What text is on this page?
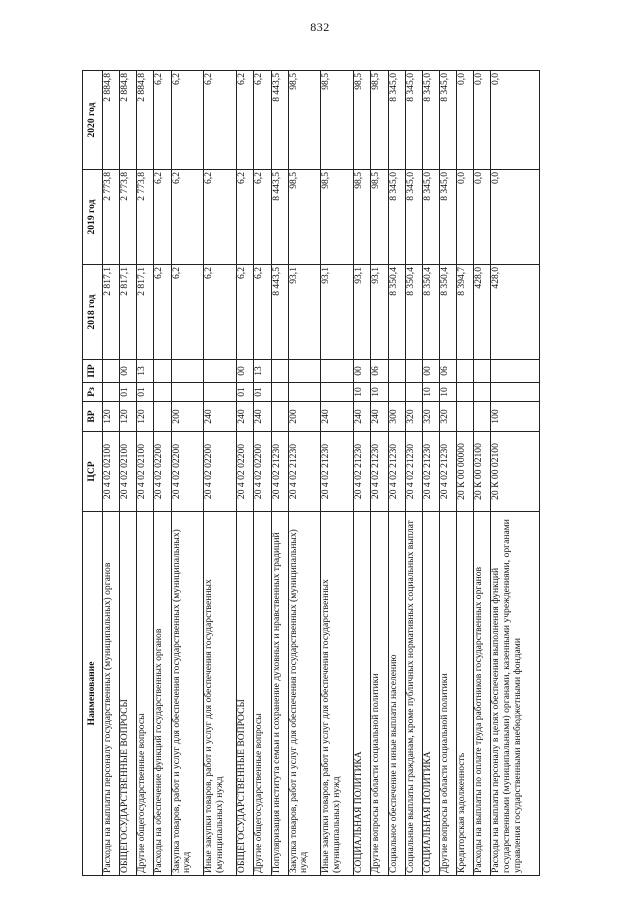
832
Наименование	ЦСР	ВР	Рз	ПР	2018 год	2019 год	2020 год
Расходы на выплаты персоналу государственных (муниципальных) органов	20 4 02 02100	120			2 817,1	2 773,8	2 884,8
ОБЩЕГОСУДАРСТВЕННЫЕ ВОПРОСЫ	20 4 02 02100	120	01	00	2 817,1	2 773,8	2 884,8
Другие общегосударственные вопросы	20 4 02 02100	120	01	13	2 817,1	2 773,8	2 884,8
Расходы на обеспечение функций государственных органов	20 4 02 02200				6,2	6,2	6,2
Закупка товаров, работ и услуг для обеспечения государственных (муниципальных) нужд	20 4 02 02200	200			6,2	6,2	6,2
Иные закупки товаров, работ и услуг для обеспечения государственных (муниципальных) нужд	20 4 02 02200	240			6,2	6,2	6,2
ОБЩЕГОСУДАРСТВЕННЫЕ ВОПРОСЫ	20 4 02 02200	240	01	00	6,2	6,2	6,2
Другие общегосударственные вопросы	20 4 02 02200	240	01	13	6,2	6,2	6,2
Популяризация института семьи и сохранение духовных и нравственных традиций	20 4 02 21230				8 443,5	8 443,5	8 443,5
Закупка товаров, работ и услуг для обеспечения государственных (муниципальных) нужд	20 4 02 21230	200			93,1	98,5	98,5
Иные закупки товаров, работ и услуг для обеспечения государственных (муниципальных) нужд	20 4 02 21230	240			93,1	98,5	98,5
СОЦИАЛЬНАЯ ПОЛИТИКА	20 4 02 21230	240	10	00	93,1	98,5	98,5
Другие вопросы в области социальной политики	20 4 02 21230	240	10	06	93,1	98,5	98,5
Социальное обеспечение и иные выплаты населению	20 4 02 21230	300			8 350,4	8 345,0	8 345,0
Социальные выплаты гражданам, кроме публичных нормативных социальных выплат	20 4 02 21230	320			8 350,4	8 345,0	8 345,0
СОЦИАЛЬНАЯ ПОЛИТИКА	20 4 02 21230	320	10	00	8 350,4	8 345,0	8 345,0
Другие вопросы в области социальной политики	20 4 02 21230	320	10	06	8 350,4	8 345,0	8 345,0
Кредиторская задолженность	20 К 00 00000				8 394,7	0,0	0,0
Расходы на выплаты по оплате труда работников государственных органов	20 К 00 02100				428,0	0,0	0,0
Расходы на выплаты персоналу в целях обеспечения выполнения функций государственными (муниципальными) органами, казенными учреждениями, органами управления государственными внебюджетными фондами	20 К 00 02100	100			428,0	0,0	0,0
